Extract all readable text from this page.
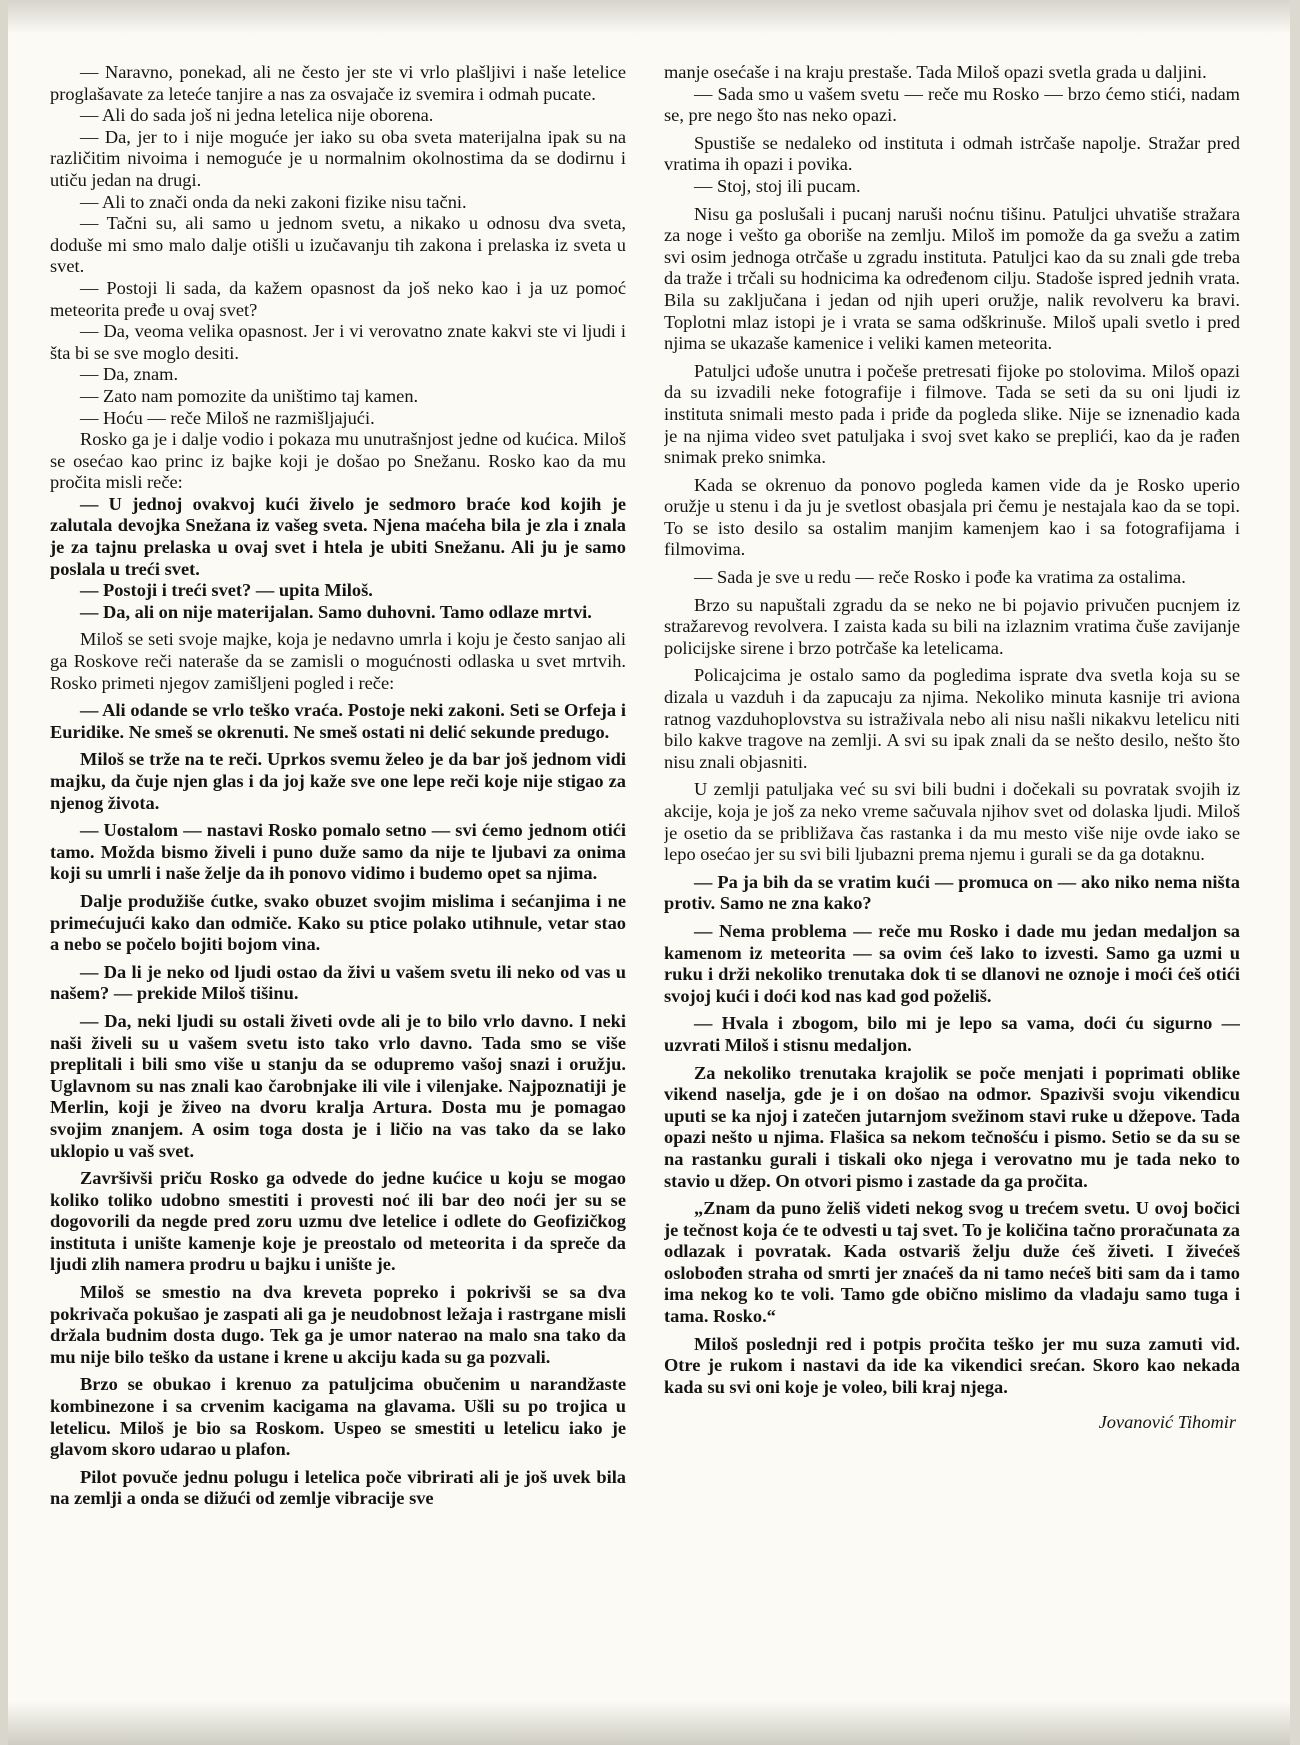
— Naravno, ponekad, ali ne često jer ste vi vrlo plašljivi i naše letelice proglašavate za leteće tanjire a nas za osvajače iz svemira i odmah pucate.

— Ali do sada još ni jedna letelica nije oborena.

— Da, jer to i nije moguće jer iako su oba sveta materijalna ipak su na različitim nivoima i nemoguće je u normalnim okolnostima da se dodirnu i utiču jedan na drugi.

— Ali to znači onda da neki zakoni fizike nisu tačni.

— Tačni su, ali samo u jednom svetu, a nikako u odnosu dva sveta, doduše mi smo malo dalje otišli u izučavanju tih zakona i prelaska iz sveta u svet.

— Postoji li sada, da kažem opasnost da još neko kao i ja uz pomoć meteorita pređe u ovaj svet?

— Da, veoma velika opasnost. Jer i vi verovatno znate kakvi ste vi ljudi i šta bi se sve moglo desiti.

— Da, znam.

— Zato nam pomozite da uništimo taj kamen.

— Hoću — reče Miloš ne razmišljajući.

Rosko ga je i dalje vodio i pokaza mu unutrašnjost jedne od kućica. Miloš se osećao kao princ iz bajke koji je došao po Snežanu. Rosko kao da mu pročita misli reče:

— U jednoj ovakvoj kući živelo je sedmoro braće kod kojih je zalutala devojka Snežana iz vašeg sveta. Njena maćeha bila je zla i znala je za tajnu prelaska u ovaj svet i htela je ubiti Snežanu. Ali ju je samo poslala u treći svet.

— Postoji i treći svet? — upita Miloš.

— Da, ali on nije materijalan. Samo duhovni. Tamo odlaze mrtvi.

Miloš se seti svoje majke, koja je nedavno umrla i koju je često sanjao ali ga Roskove reči nateraše da se zamisli o mogućnosti odlaska u svet mrtvih. Rosko primeti njegov zamišljeni pogled i reče:

— Ali odande se vrlo teško vraća. Postoje neki zakoni. Seti se Orfeja i Euridike. Ne smeš se okrenuti. Ne smeš ostati ni delić sekunde predugo.

Miloš se trže na te reči. Uprkos svemu želeo je da bar još jednom vidi majku, da čuje njen glas i da joj kaže sve one lepe reči koje nije stigao za njenog života.

— Uostalom — nastavi Rosko pomalo setno — svi ćemo jednom otići tamo. Možda bismo živeli i puno duže samo da nije te ljubavi za onima koji su umrli i naše želje da ih ponovo vidimo i budemo opet sa njima.

Dalje produžiše ćutke, svako obuzet svojim mislima i sećanjima i ne primećujući kako dan odmiče. Kako su ptice polako utihnule, vetar stao a nebo se počelo bojiti bojom vina.

— Da li je neko od ljudi ostao da živi u vašem svetu ili neko od vas u našem? — prekide Miloš tišinu.

— Da, neki ljudi su ostali živeti ovde ali je to bilo vrlo davno. I neki naši živeli su u vašem svetu isto tako vrlo davno. Tada smo se više preplitali i bili smo više u stanju da se odupremo vašoj snazi i oružju. Uglavnom su nas znali kao čarobnjake ili vile i vilenjake. Najpoznatiji je Merlin, koji je živeo na dvoru kralja Artura. Dosta mu je pomagao svojim znanjem. A osim toga dosta je i ličio na vas tako da se lako uklopio u vaš svet.

Završivši priču Rosko ga odvede do jedne kućice u koju se mogao koliko toliko udobno smestiti i provesti noć ili bar deo noći jer su se dogovorili da negde pred zoru uzmu dve letelice i odlete do Geofizičkog instituta i unište kamenje koje je preostalo od meteorita i da spreče da ljudi zlih namera prodru u bajku i unište je.

Miloš se smestio na dva kreveta popreko i pokrivši se sa dva pokrivača pokušao je zaspati ali ga je neudobnost ležaja i rastrgane misli držala budnim dosta dugo. Tek ga je umor naterao na malo sna tako da mu nije bilo teško da ustane i krene u akciju kada su ga pozvali.

Brzo se obukao i krenuo za patuljcima obučenim u narandžaste kombinezone i sa crvenim kacigama na glavama. Ušli su po trojica u letelicu. Miloš je bio sa Roskom. Uspeo se smestiti u letelicu iako je glavom skoro udarao u plafon.

Pilot povuče jednu polugu i letelica poče vibrirati ali je još uvek bila na zemlji a onda se dižući od zemlje vibracije sve

manje osećaše i na kraju prestaše. Tada Miloš opazi svetla grada u daljini.

— Sada smo u vašem svetu — reče mu Rosko — brzo ćemo stići, nadam se, pre nego što nas neko opazi.

Spustiše se nedaleko od instituta i odmah istrčaše napolje. Stražar pred vratima ih opazi i povika.

— Stoj, stoj ili pucam.

Nisu ga poslušali i pucanj naruši noćnu tišinu. Patuljci uhvatiše stražara za noge i vešto ga oboriše na zemlju. Miloš im pomože da ga svežu a zatim svi osim jednoga otrčaše u zgradu instituta. Patuljci kao da su znali gde treba da traže i trčali su hodnicima ka određenom cilju. Stadoše ispred jednih vrata. Bila su zaključana i jedan od njih uperi oružje, nalik revolveru ka bravi. Toplotni mlaz istopi je i vrata se sama odškrinuše. Miloš upali svetlo i pred njima se ukazaše kamenice i veliki kamen meteorita.

Patuljci uđoše unutra i počeše pretresati fijoke po stolovima. Miloš opazi da su izvadili neke fotografije i filmove. Tada se seti da su oni ljudi iz instituta snimali mesto pada i priđe da pogleda slike. Nije se iznenadio kada je na njima video svet patuljaka i svoj svet kako se preplići, kao da je rađen snimak preko snimka.

Kada se okrenuo da ponovo pogleda kamen vide da je Rosko uperio oružje u stenu i da ju je svetlost obasjala pri čemu je nestajala kao da se topi. To se isto desilo sa ostalim manjim kamenjem kao i sa fotografijama i filmovima.

— Sada je sve u redu — reče Rosko i pođe ka vratima za ostalima.

Brzo su napuštali zgradu da se neko ne bi pojavio privučen pucnjem iz stražarevog revolvera. I zaista kada su bili na izlaznim vratima čuše zavijanje policijske sirene i brzo potrčaše ka letelicama.

Policajcima je ostalo samo da pogledima isprate dva svetla koja su se dizala u vazduh i da zapucaju za njima. Nekoliko minuta kasnije tri aviona ratnog vazduhoplovstva su istraživala nebo ali nisu našli nikakvu letelicu niti bilo kakve tragove na zemlji. A svi su ipak znali da se nešto desilo, nešto što nisu znali objasniti.

U zemlji patuljaka već su svi bili budni i dočekali su povratak svojih iz akcije, koja je još za neko vreme sačuvala njihov svet od dolaska ljudi. Miloš je osetio da se približava čas rastanka i da mu mesto više nije ovde iako se lepo osećao jer su svi bili ljubazni prema njemu i gurali se da ga dotaknu.

— Pa ja bih da se vratim kući — promuca on — ako niko nema ništa protiv. Samo ne zna kako?

— Nema problema — reče mu Rosko i dade mu jedan medaljon sa kamenom iz meteorita — sa ovim ćeš lako to izvesti. Samo ga uzmi u ruku i drži nekoliko trenutaka dok ti se dlanovi ne oznoje i moći ćeš otići svojoj kući i doći kod nas kad god poželiš.

— Hvala i zbogom, bilo mi je lepo sa vama, doći ću sigurno — uzvrati Miloš i stisnu medaljon.

Za nekoliko trenutaka krajolik se poče menjati i poprimati oblike vikend naselja, gde je i on došao na odmor. Spazivši svoju vikendicu uputi se ka njoj i zatečen jutarnjom svežinom stavi ruke u džepove. Tada opazi nešto u njima. Flašica sa nekom tečnošću i pismo. Setio se da su se na rastanku gurali i tiskali oko njega i verovatno mu je tada neko to stavio u džep. On otvori pismo i zastade da ga pročita.

„Znam da puno želiš videti nekog svog u trećem svetu. U ovoj bočici je tečnost koja će te odvesti u taj svet. To je količina tačno proračunata za odlazak i povratak. Kada ostvariš želju duže ćeš živeti. I živećeš oslobođen straha od smrti jer znaćeš da ni tamo nećeš biti sam da i tamo ima nekog ko te voli. Tamo gde obično mislimo da vladaju samo tuga i tama. Rosko.“

Miloš poslednji red i potpis pročita teško jer mu suza zamuti vid. Otre je rukom i nastavi da ide ka vikendici srećan. Skoro kao nekada kada su svi oni koje je voleo, bili kraj njega.

Jovanović Tihomir
